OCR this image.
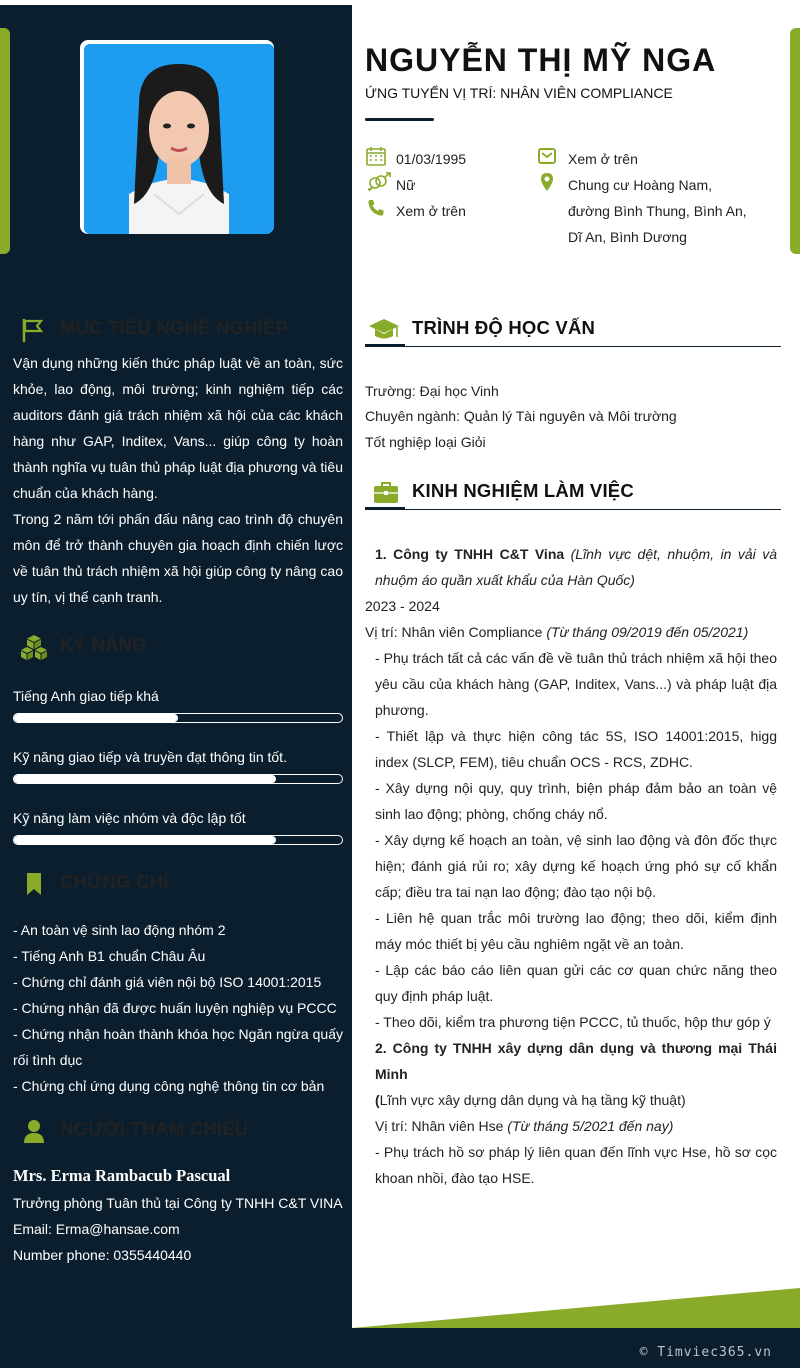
MỤC TIÊU NGHỀ NGHIỆP
Vận dụng những kiến thức pháp luật về an toàn, sức khỏe, lao động, môi trường; kinh nghiệm tiếp các auditors đánh giá trách nhiệm xã hội của các khách hàng như GAP, Inditex, Vans... giúp công ty hoàn thành nghĩa vụ tuân thủ pháp luật địa phương và tiêu chuẩn của khách hàng.
Trong 2 năm tới phấn đấu nâng cao trình độ chuyên môn để trở thành chuyên gia hoạch định chiến lược về tuân thủ trách nhiệm xã hội giúp công ty nâng cao uy tín, vị thế cạnh tranh.
KỸ NĂNG
Tiếng Anh giao tiếp khá
Kỹ năng giao tiếp và truyền đạt thông tin tốt.
Kỹ năng làm việc nhóm và độc lập tốt
CHỨNG CHỈ
- An toàn vệ sinh lao động nhóm 2
- Tiếng Anh B1 chuẩn Châu Âu
- Chứng chỉ đánh giá viên nội bộ ISO 14001:2015
- Chứng nhận đã được huấn luyện nghiệp vụ PCCC
- Chứng nhận hoàn thành khóa học Ngăn ngừa quấy rối tình dục
- Chứng chỉ ứng dụng công nghệ thông tin cơ bản
NGƯỜI THAM CHIẾU
Mrs. Erma Rambacub Pascual
Trưởng phòng Tuân thủ tại Công ty TNHH C&T VINA
Email: Erma@hansae.com
Number phone: 0355440440
NGUYỄN THỊ MỸ NGA
ỨNG TUYỂN VỊ TRÍ: NHÂN VIÊN COMPLIANCE
01/03/1995
Nữ
Xem ở trên
Xem ở trên
Chung cư Hoàng Nam,
đường Bình Thung, Bình An,
Dĩ An, Bình Dương
TRÌNH ĐỘ HỌC VẤN
Trường: Đại học Vinh
Chuyên ngành: Quản lý Tài nguyên và Môi trường
Tốt nghiệp loại Giỏi
KINH NGHIỆM LÀM VIỆC
1. Công ty TNHH C&T Vina (Lĩnh vực dệt, nhuộm, in vải và nhuộm áo quần xuất khẩu của Hàn Quốc)
2023 - 2024
Vị trí: Nhân viên Compliance (Từ tháng 09/2019 đến 05/2021)
- Phụ trách tất cả các vấn đề về tuân thủ trách nhiệm xã hội theo yêu cầu của khách hàng (GAP, Inditex, Vans...) và pháp luật địa phương.
- Thiết lập và thực hiện công tác 5S, ISO 14001:2015, higg index (SLCP, FEM), tiêu chuẩn OCS - RCS, ZDHC.
- Xây dựng nội quy, quy trình, biện pháp đảm bảo an toàn vệ sinh lao động; phòng, chống cháy nổ.
- Xây dựng kế hoạch an toàn, vệ sinh lao động và đôn đốc thực hiện; đánh giá rủi ro; xây dựng kế hoạch ứng phó sự cố khẩn cấp; điều tra tai nạn lao động; đào tạo nội bộ.
- Liên hệ quan trắc môi trường lao động; theo dõi, kiểm định máy móc thiết bị yêu cầu nghiêm ngặt về an toàn.
- Lập các báo cáo liên quan gửi các cơ quan chức năng theo quy định pháp luật.
- Theo dõi, kiểm tra phương tiện PCCC, tủ thuốc, hộp thư góp ý
2. Công ty TNHH xây dựng dân dụng và thương mại Thái Minh
(Lĩnh vực xây dựng dân dụng và hạ tầng kỹ thuật)
Vị trí: Nhân viên Hse (Từ tháng 5/2021 đến nay)
- Phụ trách hồ sơ pháp lý liên quan đến lĩnh vực Hse, hồ sơ cọc khoan nhồi, đào tạo HSE.
© Timviec365.vn
